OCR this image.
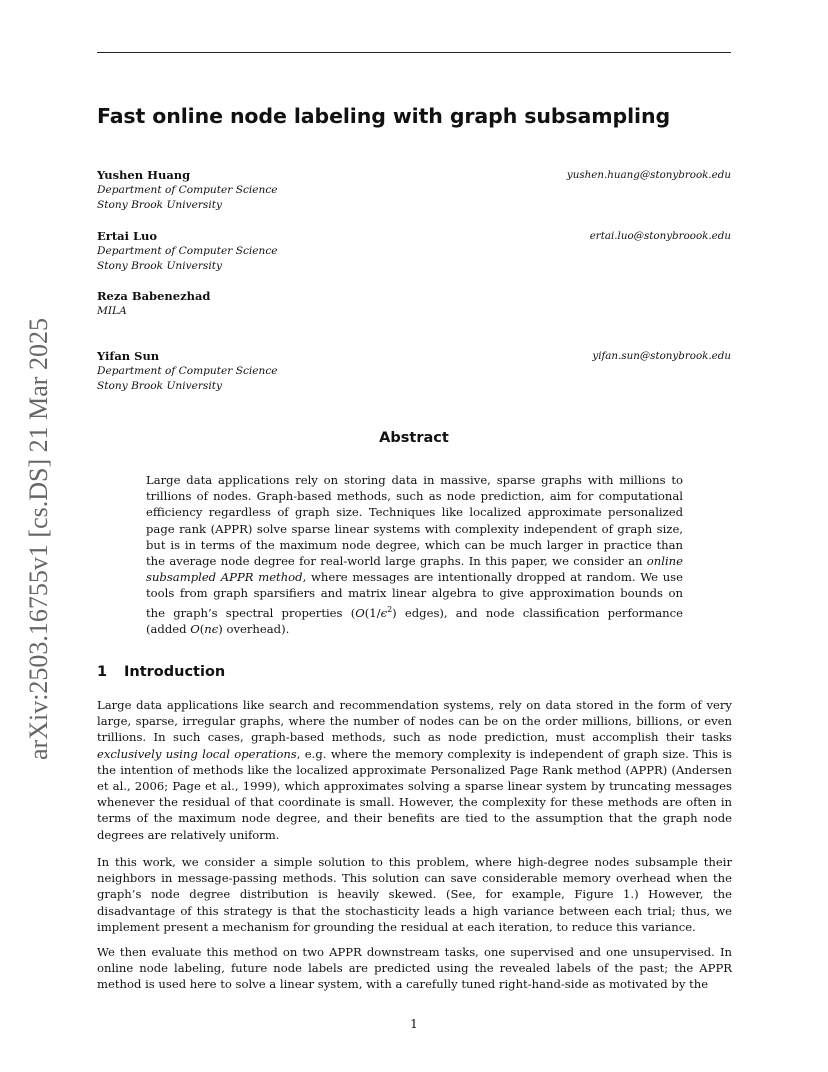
arXiv:2503.16755v1 [cs.DS] 21 Mar 2025
Fast online node labeling with graph subsampling
Yushen Huang
Department of Computer Science
Stony Brook University
yushen.huang@stonybrook.edu
Ertai Luo
Department of Computer Science
Stony Brook University
ertai.luo@stonybroook.edu
Reza Babenezhad
MILA
Yifan Sun
Department of Computer Science
Stony Brook University
yifan.sun@stonybrook.edu
Abstract

Large data applications rely on storing data in massive, sparse graphs with millions to trillions of nodes. Graph-based methods, such as node prediction, aim for computational efficiency regardless of graph size. Techniques like localized approximate personalized page rank (APPR) solve sparse linear systems with complexity independent of graph size, but is in terms of the maximum node degree, which can be much larger in practice than the average node degree for real-world large graphs. In this paper, we consider an online subsampled APPR method, where messages are intentionally dropped at random. We use tools from graph sparsifiers and matrix linear algebra to give approximation bounds on the graph’s spectral properties ($O(1/\epsilon^2)$ edges), and node classification performance (added O(nϵ) overhead).

1 Introduction

Large data applications like search and recommendation systems, rely on data stored in the form of very large, sparse, irregular graphs, where the number of nodes can be on the order millions, billions, or even trillions. In such cases, graph-based methods, such as node prediction, must accomplish their tasks exclusively using local operations, e.g. where the memory complexity is independent of graph size. This is the intention of methods like the localized approximate Personalized Page Rank method (APPR) (Andersen et al., 2006; Page et al., 1999), which approximates solving a sparse linear system by truncating messages whenever the residual of that coordinate is small. However, the complexity for these methods are often in terms of the maximum node degree, and their benefits are tied to the assumption that the graph node degrees are relatively uniform.

In this work, we consider a simple solution to this problem, where high-degree nodes subsample their neighbors in message-passing methods. This solution can save considerable memory overhead when the graph’s node degree distribution is heavily skewed. (See, for example, Figure 1.) However, the disadvantage of this strategy is that the stochasticity leads a high variance between each trial; thus, we implement present a mechanism for grounding the residual at each iteration, to reduce this variance.

We then evaluate this method on two APPR downstream tasks, one supervised and one unsupervised. In online node labeling, future node labels are predicted using the revealed labels of the past; the APPR method is used here to solve a linear system, with a carefully tuned right-hand-side as motivated by the

1
